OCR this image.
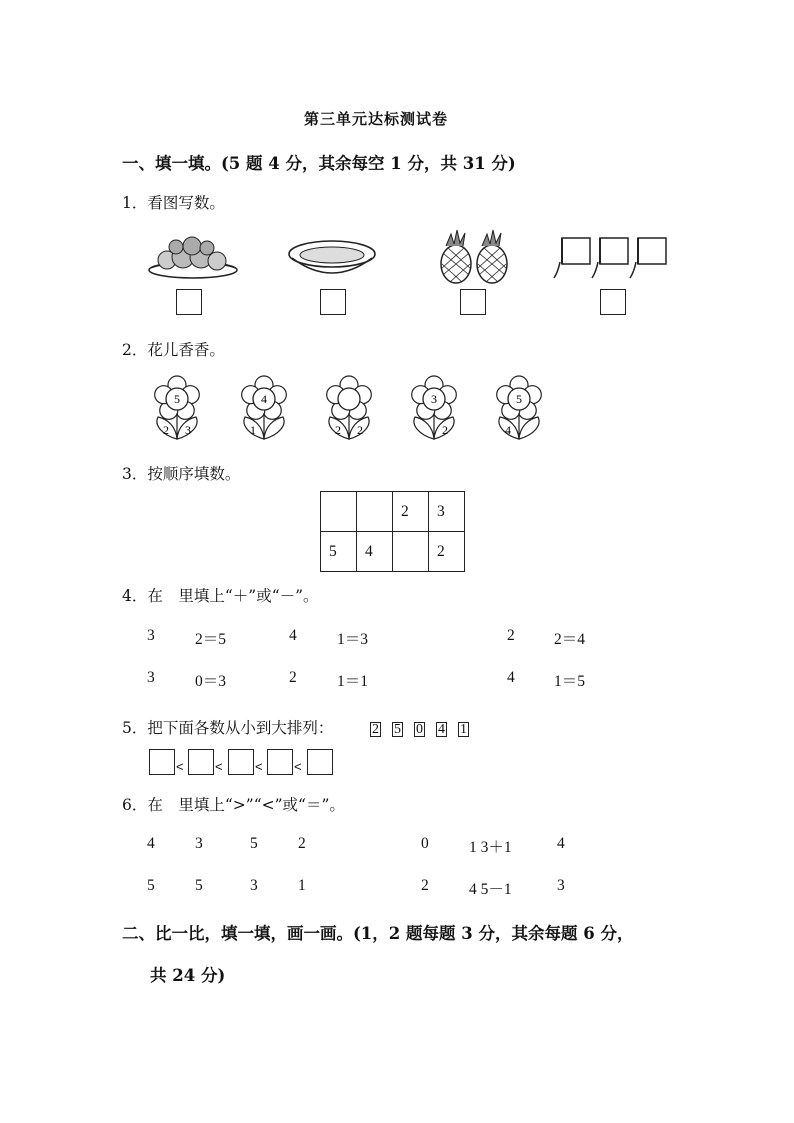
第三单元达标测试卷
一、填一填。(5 题 4 分，其余每空 1 分，共 31 分)
1．看图写数。
2．花儿香香。
5
2 3
4
1	2 2
3
2
5
4
3．按顺序填数。
		2	3
5	4		2
4．在　里填上“＋”或“－”。
3	2＝5	4	1＝3	2	2＝4
3	0＝3	2	1＝1	4	1＝5
5．把下面各数从小到大排列：	2 5 0 4 1
< < < <
6．在　里填上“>”“<”或“＝”。
4	3	5	2	0	1 3＋1	4
5	5	3	1	2	4 5－1	3
二、比一比，填一填，画一画。(1，2 题每题 3 分，其余每题 6 分，
共 24 分)
